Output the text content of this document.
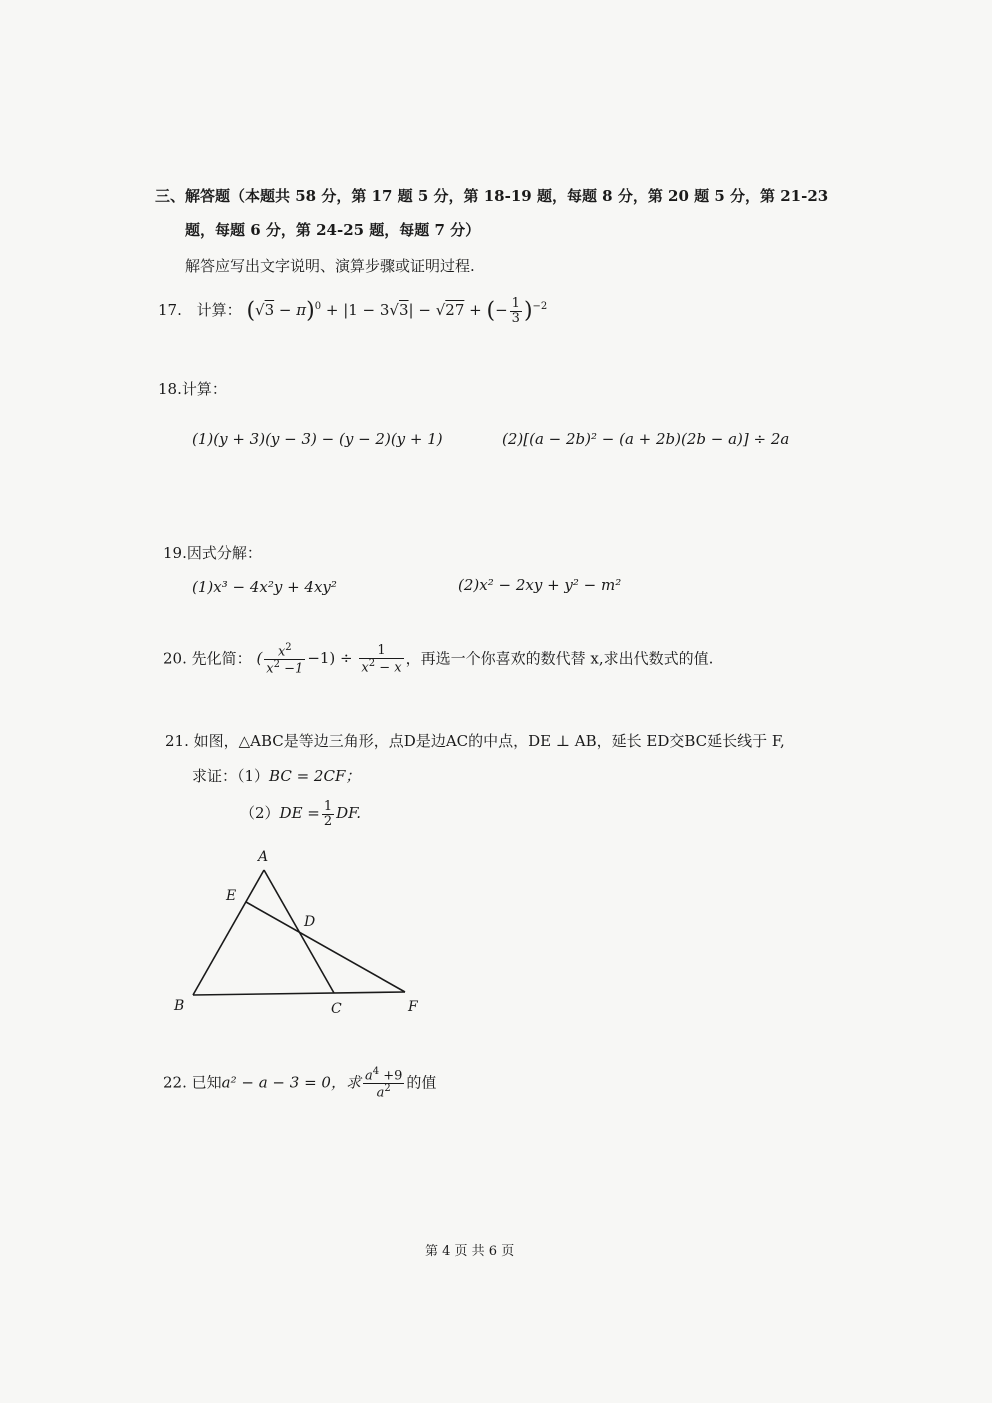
三、解答题（本题共 58 分，第 17 题 5 分，第 18-19 题，每题 8 分，第 20 题 5 分，第 21-23
题，每题 6 分，第 24-25 题，每题 7 分）
解答应写出文字说明、演算步骤或证明过程.
17. 计算： $(√3 - \pi)^0 + |1 - 3√3| - √27$ + (− $\frac{1}{3} )^{-2}$
18.计算：
(1)(y + 3)(y − 3) − (y − 2)(y + 1)	(2)[(a − 2b)² − (a + 2b)(2b − a)] ÷ 2a
19.因式分解：
(1)x³ − 4x²y + 4xy²	(2)x² − 2xy + y² − m²
20. 先化简： ( $\frac{x^2}{x^2 -1} -1) \div \frac{1}{x^2 - x}$ ，再选一个你喜欢的数代替 x,求出代数式的值.
21. 如图，△ABC是等边三角形，点D是边AC的中点，DE ⊥ AB，延长 ED交BC延长线于 F,
求证：（1）BC = 2CF；
$(2)DE = \frac{1}{2}$ DF.
A
E
D
B	C	F
22. 已知a² − a − 3 = 0，求 $\frac{a^4 +9}{a^2}$ 的值
第 4 页 共 6 页
